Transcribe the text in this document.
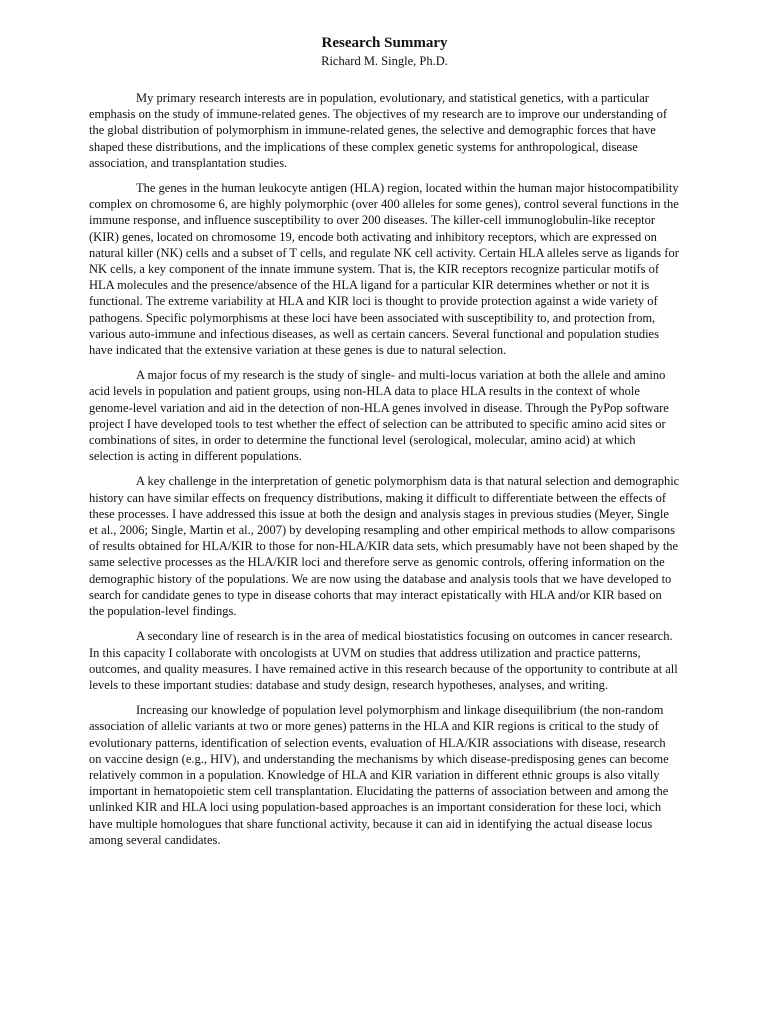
Research Summary
Richard M. Single, Ph.D.

My primary research interests are in population, evolutionary, and statistical genetics, with a particular emphasis on the study of immune-related genes. The objectives of my research are to improve our understanding of the global distribution of polymorphism in immune-related genes, the selective and demographic forces that have shaped these distributions, and the implications of these complex genetic systems for anthropological, disease association, and transplantation studies.

The genes in the human leukocyte antigen (HLA) region, located within the human major histocompatibility complex on chromosome 6, are highly polymorphic (over 400 alleles for some genes), control several functions in the immune response, and influence susceptibility to over 200 diseases. The killer-cell immunoglobulin-like receptor (KIR) genes, located on chromosome 19, encode both activating and inhibitory receptors, which are expressed on natural killer (NK) cells and a subset of T cells, and regulate NK cell activity. Certain HLA alleles serve as ligands for NK cells, a key component of the innate immune system. That is, the KIR receptors recognize particular motifs of HLA molecules and the presence/absence of the HLA ligand for a particular KIR determines whether or not it is functional. The extreme variability at HLA and KIR loci is thought to provide protection against a wide variety of pathogens. Specific polymorphisms at these loci have been associated with susceptibility to, and protection from, various auto-immune and infectious diseases, as well as certain cancers. Several functional and population studies have indicated that the extensive variation at these genes is due to natural selection.

A major focus of my research is the study of single- and multi-locus variation at both the allele and amino acid levels in population and patient groups, using non-HLA data to place HLA results in the context of whole genome-level variation and aid in the detection of non-HLA genes involved in disease. Through the PyPop software project I have developed tools to test whether the effect of selection can be attributed to specific amino acid sites or combinations of sites, in order to determine the functional level (serological, molecular, amino acid) at which selection is acting in different populations.

A key challenge in the interpretation of genetic polymorphism data is that natural selection and demographic history can have similar effects on frequency distributions, making it difficult to differentiate between the effects of these processes. I have addressed this issue at both the design and analysis stages in previous studies (Meyer, Single et al., 2006; Single, Martin et al., 2007) by developing resampling and other empirical methods to allow comparisons of results obtained for HLA/KIR to those for non-HLA/KIR data sets, which presumably have not been shaped by the same selective processes as the HLA/KIR loci and therefore serve as genomic controls, offering information on the demographic history of the populations. We are now using the database and analysis tools that we have developed to search for candidate genes to type in disease cohorts that may interact epistatically with HLA and/or KIR based on the population-level findings.

A secondary line of research is in the area of medical biostatistics focusing on outcomes in cancer research. In this capacity I collaborate with oncologists at UVM on studies that address utilization and practice patterns, outcomes, and quality measures. I have remained active in this research because of the opportunity to contribute at all levels to these important studies: database and study design, research hypotheses, analyses, and writing.

Increasing our knowledge of population level polymorphism and linkage disequilibrium (the non-random association of allelic variants at two or more genes) patterns in the HLA and KIR regions is critical to the study of evolutionary patterns, identification of selection events, evaluation of HLA/KIR associations with disease, research on vaccine design (e.g., HIV), and understanding the mechanisms by which disease-predisposing genes can become relatively common in a population. Knowledge of HLA and KIR variation in different ethnic groups is also vitally important in hematopoietic stem cell transplantation. Elucidating the patterns of association between and among the unlinked KIR and HLA loci using population-based approaches is an important consideration for these loci, which have multiple homologues that share functional activity, because it can aid in identifying the actual disease locus among several candidates.
